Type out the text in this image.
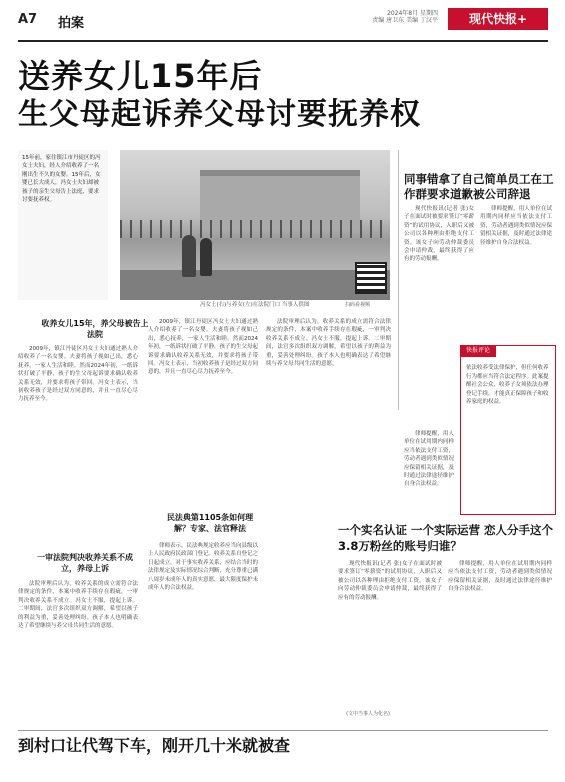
A7 拍案
2024年8月 星期四
责编 唐卫东 美编 丁汉平	现代快报+
送养女儿15年后
生父母起诉养父母讨要抚养权
15年前，家住镇江市丹徒区的冯女士夫妇，经人介绍收养了一名刚出生不久的女婴。15年后，女婴已长大成人，冯女士夫妇却被孩子的亲生父母告上法庭，要求讨要抚养权。
扫码看视频
冯女士(右)与养女(左)在法院门口 当事人供图
收养女儿15年，养父母被告上法院

2009年，镇江丹徒区冯女士夫妇通过熟人介绍收养了一名女婴。夫妻将孩子视如己出，悉心抚养，一家人生活和睦。然而2024年初，一纸诉状打破了平静，孩子的生父母起诉要求确认收养关系无效，并要求将孩子带回。冯女士表示，当初收养孩子是经过双方同意的，并且一直尽心尽力抚养至今。

一审法院判决收养关系不成立，养母上诉

法院审理后认为，收养关系的成立需符合法律规定的条件，本案中收养手续存在瑕疵，一审判决收养关系不成立。冯女士不服，提起上诉。二审期间，法官多次组织双方调解，希望以孩子的利益为重，妥善处理纠纷。孩子本人也明确表达了希望继续与养父母共同生活的意愿。

2009年，镇江丹徒区冯女士夫妇通过熟人介绍收养了一名女婴。夫妻将孩子视如己出，悉心抚养，一家人生活和睦。然而2024年初，一纸诉状打破了平静，孩子的生父母起诉要求确认收养关系无效，并要求将孩子带回。冯女士表示，当初收养孩子是经过双方同意的，并且一直尽心尽力抚养至今。

民法典第1105条如何理解？专家、法官释法

律师表示，民法典规定收养应当向县级以上人民政府民政部门登记。收养关系自登记之日起成立。对于事实收养关系，应结合当时的法律规定及实际情况综合判断，充分尊重已满八周岁未成年人的真实意愿，最大限度保护未成年人的合法权益。

法院审理后认为，收养关系的成立需符合法律规定的条件，本案中收养手续存在瑕疵，一审判决收养关系不成立。冯女士不服，提起上诉。二审期间，法官多次组织双方调解，希望以孩子的利益为重，妥善处理纠纷。孩子本人也明确表达了希望继续与养父母共同生活的意愿。

(文中当事人为化名)
同事错拿了自己简单员工在工作群要求道歉被公司辞退

现代快报讯(记者 张)女子在面试时被要求签订“零薪资”的试用协议，入职后又被公司以各种理由拒绝支付工资。该女子向劳动仲裁委员会申请仲裁，最终获得了应有的劳动报酬。

律师提醒，用人单位在试用期内同样应当依法支付工资，劳动者遇到类似情况应保留相关证据，及时通过法律途径维护自身合法权益。

律师提醒，用人单位在试用期内同样应当依法支付工资，劳动者遇到类似情况应保留相关证据，及时通过法律途径维护自身合法权益。

快报评论
依法收养受法律保护，但任何收养行为都应当符合法定程序。此案提醒社会公众，收养子女须依法办理登记手续，才能真正保障孩子和收养家庭的权益。
一个实名认证 一个实际运营 恋人分手这个3.8万粉丝的账号归谁？

现代快报讯(记者 张)女子在面试时被要求签订“零薪资”的试用协议，入职后又被公司以各种理由拒绝支付工资。该女子向劳动仲裁委员会申请仲裁，最终获得了应有的劳动报酬。

律师提醒，用人单位在试用期内同样应当依法支付工资，劳动者遇到类似情况应保留相关证据，及时通过法律途径维护自身合法权益。

到村口让代驾下车，刚开几十米就被查
